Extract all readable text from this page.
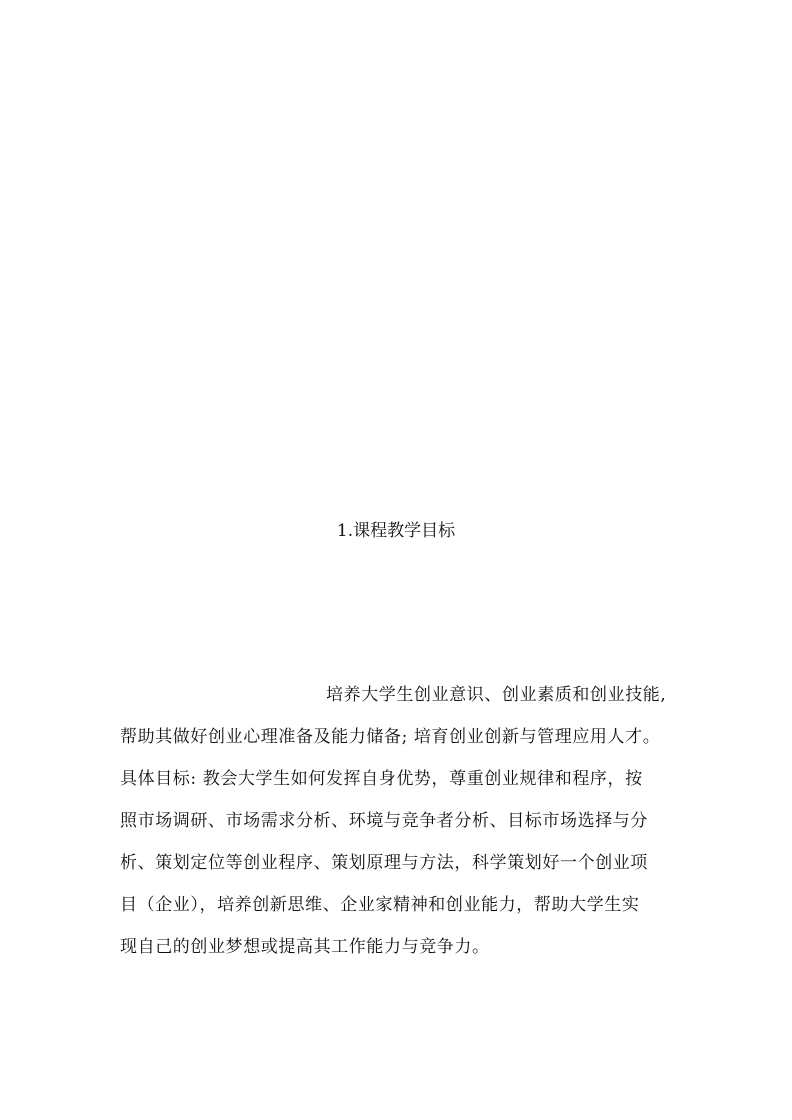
1.课程教学目标
培养大学生创业意识、创业素质和创业技能,
帮助其做好创业心理准备及能力储备; 培育创业创新与管理应用人才。
具体目标: 教会大学生如何发挥自身优势，尊重创业规律和程序，按
照市场调研、市场需求分析、环境与竞争者分析、目标市场选择与分
析、策划定位等创业程序、策划原理与方法，科学策划好一个创业项
目（企业），培养创新思维、企业家精神和创业能力，帮助大学生实
现自己的创业梦想或提高其工作能力与竞争力。
